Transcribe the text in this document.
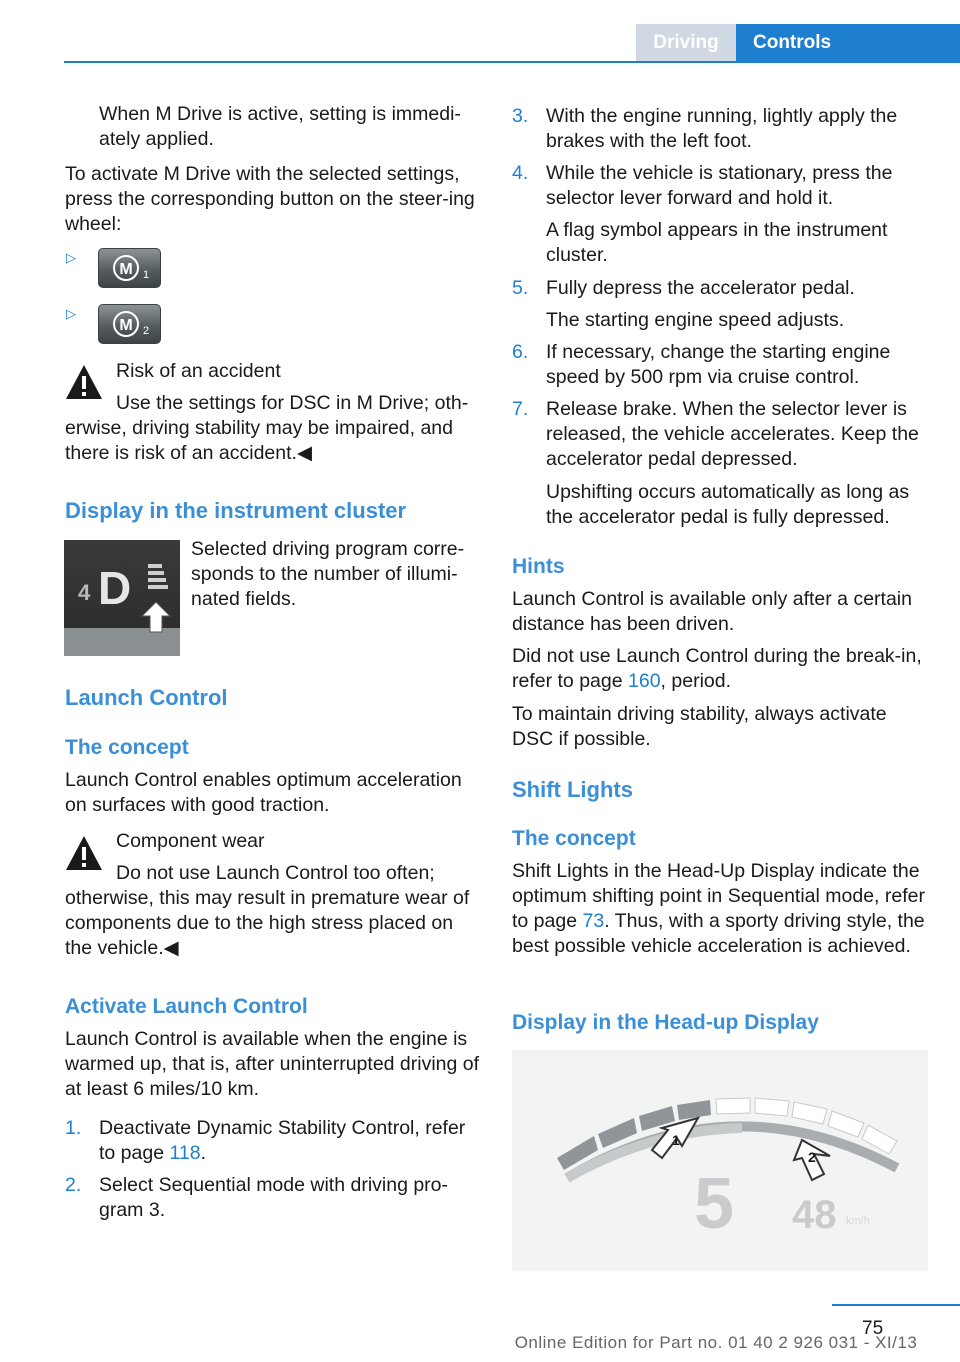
Driving	Controls

When M Drive is active, setting is immedi-ately applied.

To activate M Drive with the selected settings, press the corresponding button on the steer-ing wheel:

▷
M 1
▷
M 2

Risk of an accident

Use the settings for DSC in M Drive; oth-erwise, driving stability may be impaired, and there is risk of an accident.◀

Display in the instrument cluster

4 D

Selected driving program corre-sponds to the number of illumi-nated fields.

Launch Control

The concept

Launch Control enables optimum acceleration on surfaces with good traction.

Component wear

Do not use Launch Control too often; otherwise, this may result in premature wear of components due to the high stress placed on the vehicle.◀

Activate Launch Control

Launch Control is available when the engine is warmed up, that is, after uninterrupted driving of at least 6 miles/10 km.

1. Deactivate Dynamic Stability Control, refer to page 118.

2. Select Sequential mode with driving pro-gram 3.

3. With the engine running, lightly apply the brakes with the left foot.

4. While the vehicle is stationary, press the selector lever forward and hold it.

A flag symbol appears in the instrument cluster.

5. Fully depress the accelerator pedal.

The starting engine speed adjusts.

6. If necessary, change the starting engine speed by 500 rpm via cruise control.

7. Release brake. When the selector lever is released, the vehicle accelerates. Keep the accelerator pedal depressed.

Upshifting occurs automatically as long as the accelerator pedal is fully depressed.

Hints

Launch Control is available only after a certain distance has been driven.

Did not use Launch Control during the break-in, refer to page 160, period.

To maintain driving stability, always activate DSC if possible.

Shift Lights

The concept

Shift Lights in the Head-Up Display indicate the optimum shifting point in Sequential mode, refer to page 73. Thus, with a sporty driving style, the best possible vehicle acceleration is achieved.

Display in the Head-up Display

1
2
5 48 km/h
75
Online Edition for Part no. 01 40 2 926 031 - XI/13
